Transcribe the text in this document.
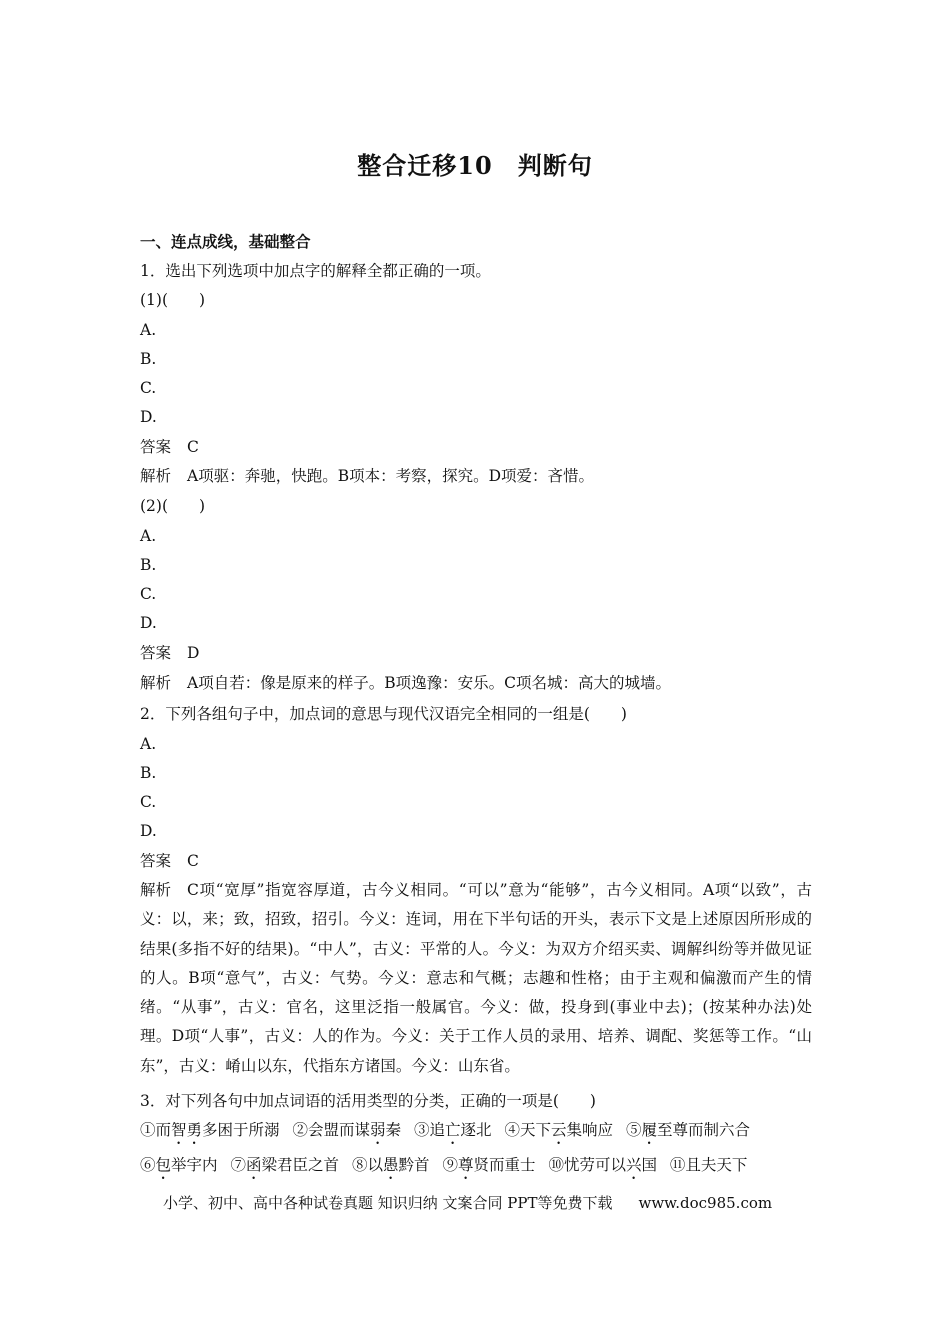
整合迁移10　判断句
一、连点成线，基础整合
1．选出下列选项中加点字的解释全都正确的一项。
(1)(　　)
A.
B.
C.
D.
答案 C
解析 A项驱：奔驰，快跑。B项本：考察，探究。D项爱：吝惜。
(2)(　　)
A.
B.
C.
D.
答案 D
解析 A项自若：像是原来的样子。B项逸豫：安乐。C项名城：高大的城墙。
2．下列各组句子中，加点词的意思与现代汉语完全相同的一组是(　　)
A.
B.
C.
D.
答案 C
解析 C项“宽厚”指宽容厚道，古今义相同。“可以”意为“能够”，古今义相同。A项“以致”，古义：以，来；致，招致，招引。今义：连词，用在下半句话的开头，表示下文是上述原因所形成的结果(多指不好的结果)。“中人”，古义：平常的人。今义：为双方介绍买卖、调解纠纷等并做见证的人。B项“意气”，古义：气势。今义：意志和气概；志趣和性格；由于主观和偏激而产生的情绪。“从事”，古义：官名，这里泛指一般属官。今义：做，投身到(事业中去)；(按某种办法)处理。D项“人事”，古义：人的作为。今义：关于工作人员的录用、培养、调配、奖惩等工作。“山东”，古义：崤山以东，代指东方诸国。今义：山东省。
3．对下列各句中加点词语的活用类型的分类，正确的一项是(　　)
①而智勇多困于所溺 ②会盟而谋弱秦 ③追亡逐北 ④天下云集响应 ⑤履至尊而制六合
⑥包举宇内 ⑦函梁君臣之首 ⑧以愚黔首 ⑨尊贤而重士 ⑩忧劳可以兴国 ⑪且夫天下
小学、初中、高中各种试卷真题 知识归纳 文案合同 PPT等免费下载 www.doc985.com
